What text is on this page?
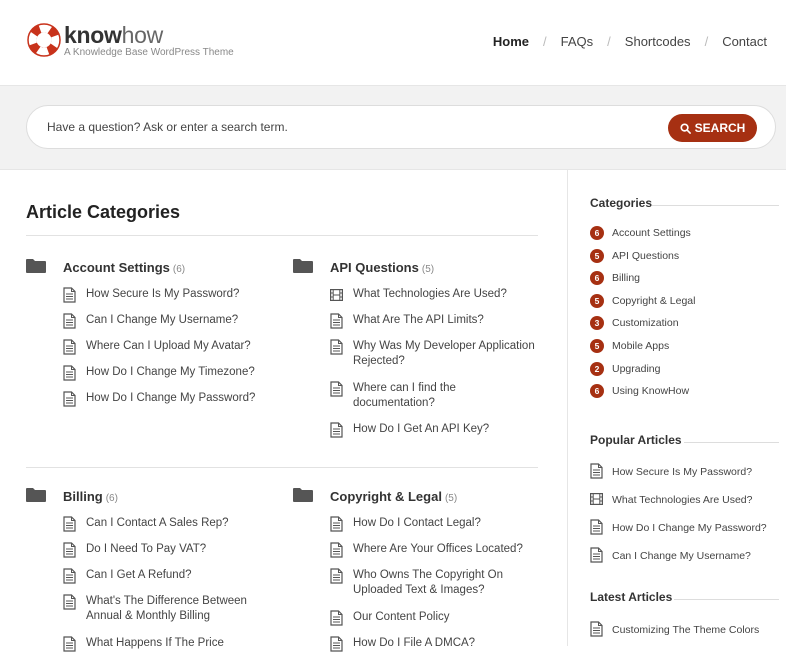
knowhow
A Knowledge Base WordPress Theme
Home / FAQs / Shortcodes / Contact
Have a question? Ask or enter a search term.
SEARCH
Article Categories
Account Settings (6)
How Secure Is My Password?
Can I Change My Username?
Where Can I Upload My Avatar?
How Do I Change My Timezone?
How Do I Change My Password?
API Questions (5)
What Technologies Are Used?
What Are The API Limits?
Why Was My Developer Application Rejected?
Where can I find the documentation?
How Do I Get An API Key?
Billing (6)
Can I Contact A Sales Rep?
Do I Need To Pay VAT?
Can I Get A Refund?
What's The Difference Between Annual & Monthly Billing
What Happens If The Price
Copyright & Legal (5)
How Do I Contact Legal?
Where Are Your Offices Located?
Who Owns The Copyright On Uploaded Text & Images?
Our Content Policy
How Do I File A DMCA?
Categories
Popular Articles
Latest Articles
6	Account Settings
5	API Questions
6	Billing
5	Copyright & Legal
3	Customization
5	Mobile Apps
2	Upgrading
6	Using KnowHow
How Secure Is My Password?
What Technologies Are Used?
How Do I Change My Password?
Can I Change My Username?
Customizing The Theme Colors
